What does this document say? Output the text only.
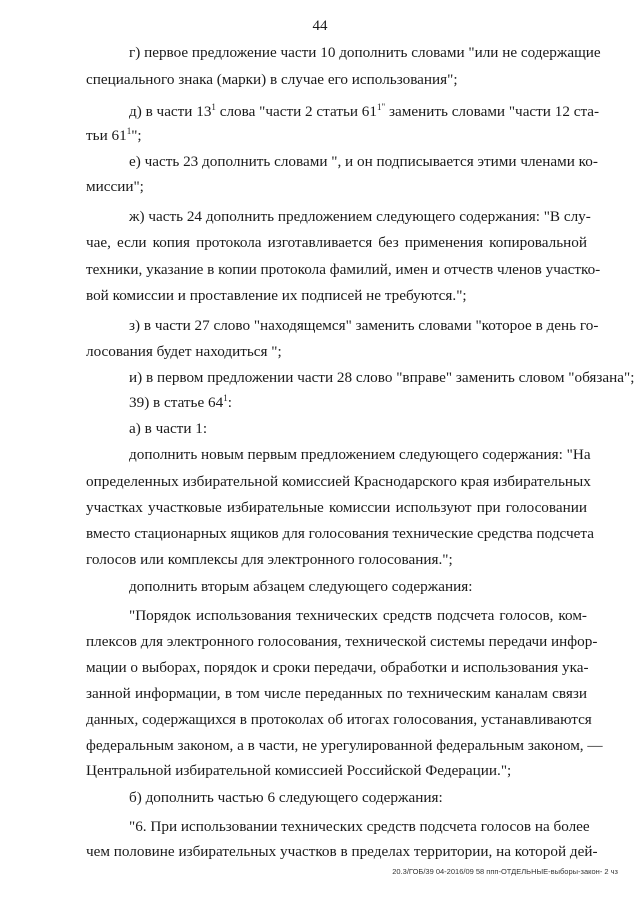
44
г) первое предложение части 10 дополнить словами "или не содержащие
специального знака (марки) в случае его использования";
д) в части $13^1$ слова "части 2 статьи $61^{1"}$ заменить словами "части 12 ста-
тьи $61^1$";
е) часть 23 дополнить словами ", и он подписывается этими членами ко-
миссии";
ж) часть 24 дополнить предложением следующего содержания: "В слу-
чае, если копия протокола изготавливается без применения копировальной
техники, указание в копии протокола фамилий, имен и отчеств членов участко-
вой комиссии и проставление их подписей не требуются.";
з) в части 27 слово "находящемся" заменить словами "которое в день го-
лосования будет находиться ";
и) в первом предложении части 28 слово "вправе" заменить словом "обязана";
39) в статье $64^1$:
а) в части 1:
дополнить новым первым предложением следующего содержания: "На
определенных избирательной комиссией Краснодарского края избирательных
участках участковые избирательные комиссии используют при голосовании
вместо стационарных ящиков для голосования технические средства подсчета
голосов или комплексы для электронного голосования.";
дополнить вторым абзацем следующего содержания:
"Порядок использования технических средств подсчета голосов, ком-
плексов для электронного голосования, технической системы передачи инфор-
мации о выборах, порядок и сроки передачи, обработки и использования ука-
занной информации, в том числе переданных по техническим каналам связи
данных, содержащихся в протоколах об итогах голосования, устанавливаются
федеральным законом, а в части, не урегулированной федеральным законом, —
Центральной избирательной комиссией Российской Федерации.";
б) дополнить частью 6 следующего содержания:
"6. При использовании технических средств подсчета голосов на более
чем половине избирательных участков в пределах территории, на которой дей-
20.3/ГОБ/39 04-2016/09 58 ппп-ОТДЕЛЬНЫЕ-выборы-закон- 2 чз
